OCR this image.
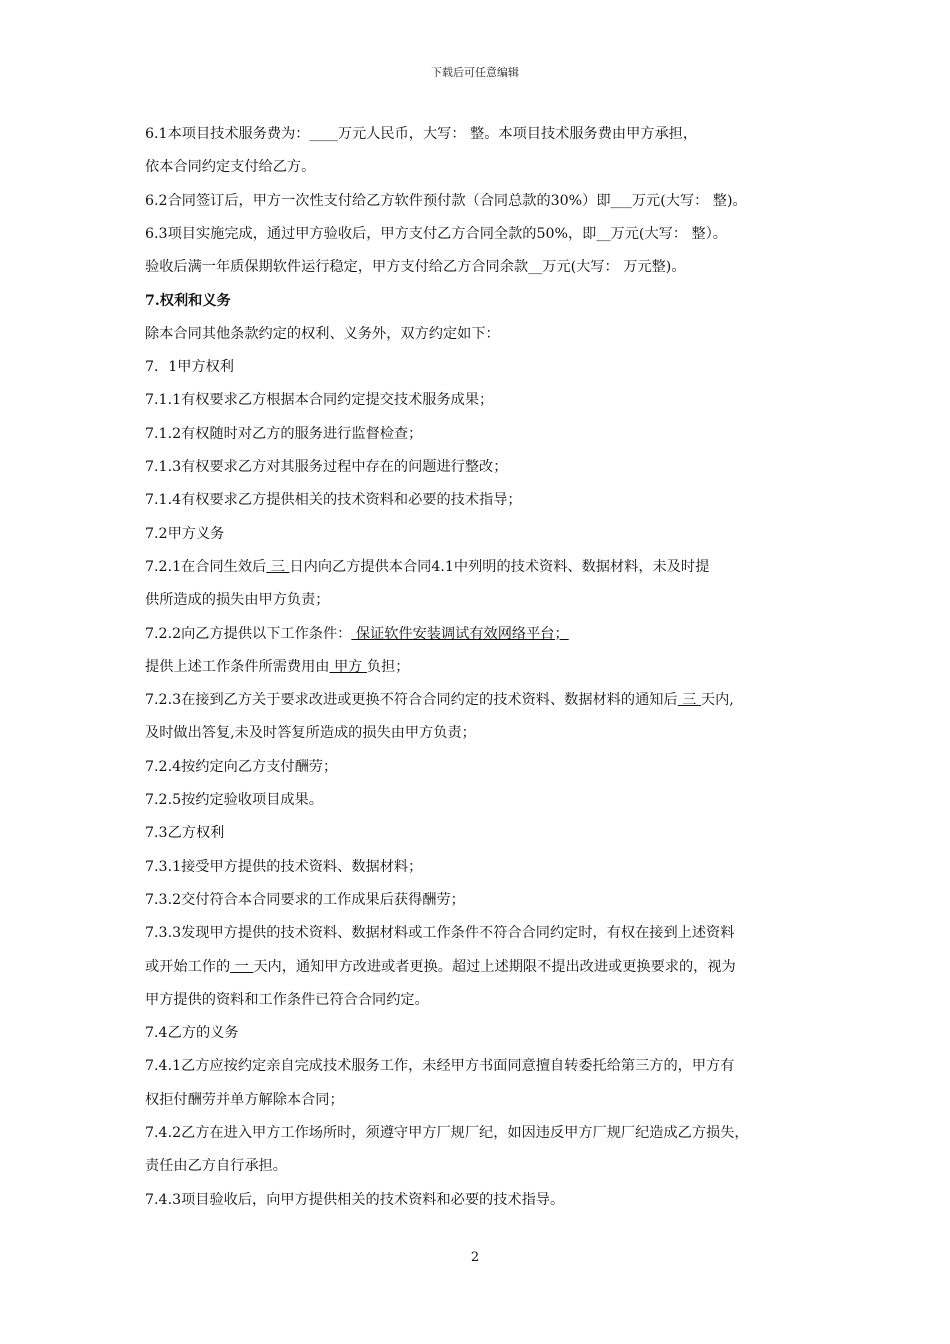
下载后可任意编辑
6.1本项目技术服务费为：____万元人民币，大写： 整。本项目技术服务费由甲方承担，
依本合同约定支付给乙方。
6.2合同签订后，甲方一次性支付给乙方软件预付款（合同总款的30%）即___万元(大写： 整)。
6.3项目实施完成，通过甲方验收后，甲方支付乙方合同全款的50%，即__万元(大写： 整）。
验收后满一年质保期软件运行稳定，甲方支付给乙方合同余款__万元(大写： 万元整)。
7.权利和义务
除本合同其他条款约定的权利、义务外，双方约定如下：
7．1甲方权利
7.1.1有权要求乙方根据本合同约定提交技术服务成果；
7.1.2有权随时对乙方的服务进行监督检查；
7.1.3有权要求乙方对其服务过程中存在的问题进行整改；
7.1.4有权要求乙方提供相关的技术资料和必要的技术指导；
7.2甲方义务
7.2.1在合同生效后 三 日内向乙方提供本合同4.1中列明的技术资料、数据材料，未及时提
供所造成的损失由甲方负责；
7.2.2向乙方提供以下工作条件： 保证软件安装调试有效网络平台；
提供上述工作条件所需费用由 甲方 负担；
7.2.3在接到乙方关于要求改进或更换不符合合同约定的技术资料、数据材料的通知后 三 天内,
及时做出答复,未及时答复所造成的损失由甲方负责；
7.2.4按约定向乙方支付酬劳；
7.2.5按约定验收项目成果。
7.3乙方权利
7.3.1接受甲方提供的技术资料、数据材料；
7.3.2交付符合本合同要求的工作成果后获得酬劳；
7.3.3发现甲方提供的技术资料、数据材料或工作条件不符合合同约定时，有权在接到上述资料
或开始工作的 一 天内，通知甲方改进或者更换。超过上述期限不提出改进或更换要求的，视为
甲方提供的资料和工作条件已符合合同约定。
7.4乙方的义务
7.4.1乙方应按约定亲自完成技术服务工作，未经甲方书面同意擅自转委托给第三方的，甲方有
权拒付酬劳并单方解除本合同；
7.4.2乙方在进入甲方工作场所时，须遵守甲方厂规厂纪，如因违反甲方厂规厂纪造成乙方损失，
责任由乙方自行承担。
7.4.3项目验收后，向甲方提供相关的技术资料和必要的技术指导。
2
